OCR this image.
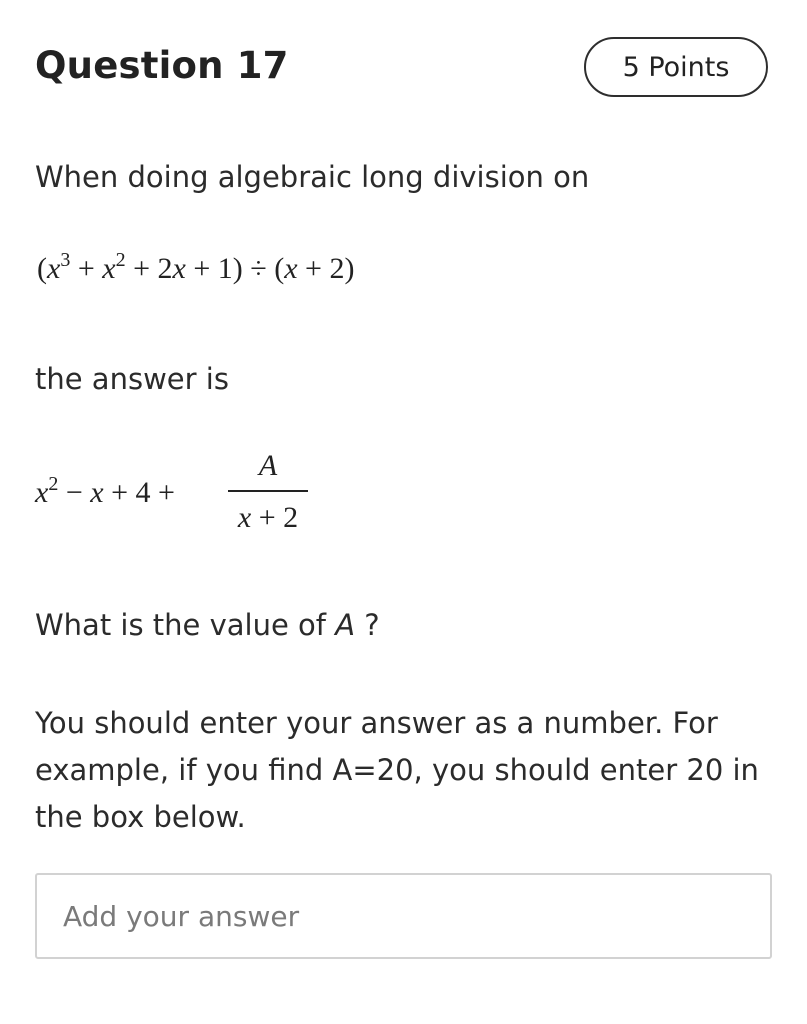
Question 17	5 Points
When doing algebraic long division on
$(x^3 + x^2 + 2x + 1) \div (x + 2)$
the answer is
$x^2 - x + 4$ +
A
x + 2
What is the value of A ?
You should enter your answer as a number. For example, if you find A=20, you should enter 20 in the box below.
Add your answer
